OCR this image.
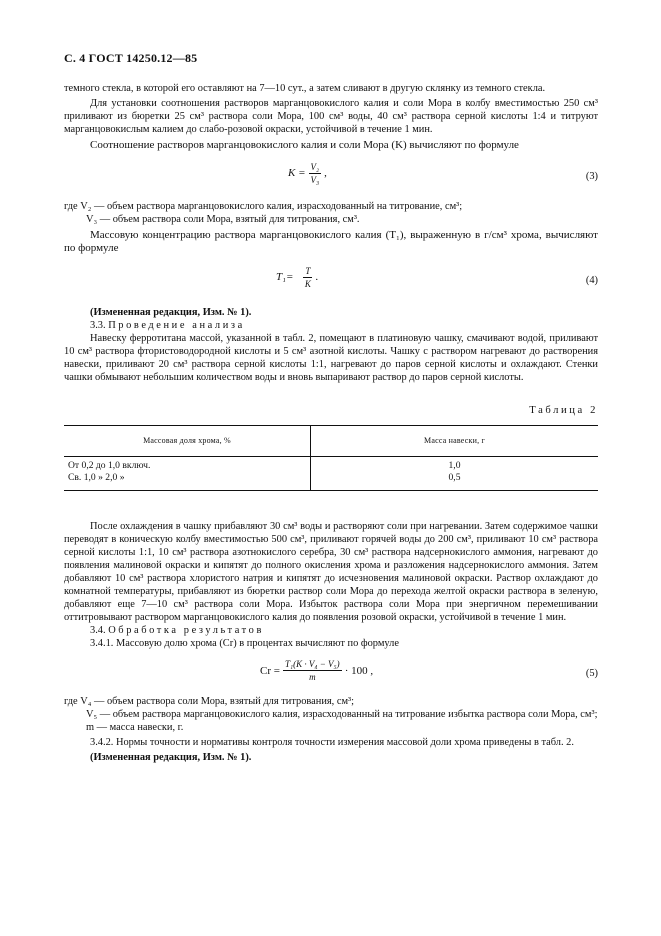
С. 4 ГОСТ 14250.12—85

темного стекла, в которой его оставляют на 7—10 сут., а затем сливают в другую склянку из темного стекла.

Для установки соотношения растворов марганцовокислого калия и соли Мора в колбу вместимостью 250 см³ приливают из бюретки 25 см³ раствора соли Мора, 100 см³ воды, 40 см³ раствора серной кислоты 1:4 и титруют марганцовокислым калием до слабо-розовой окраски, устойчивой в течение 1 мин.

Соотношение растворов марганцовокислого калия и соли Мора (K) вычисляют по формуле

$K = \frac{\text{V₂}}{\text{V₃}}$ ,	(3)

где V₂ — объем раствора марганцовокислого калия, израсходованный на титрование, см³;

V₃ — объем раствора соли Мора, взятый для титрования, см³.

Массовую концентрацию раствора марганцовокислого калия (T₁), выраженную в г/см³ хрома, вычисляют по формуле

$T_1= \frac{T}{K}$ .	(4)

(Измененная редакция, Изм. № 1).

3.3. Проведение анализа

Навеску ферротитана массой, указанной в табл. 2, помещают в платиновую чашку, смачивают водой, приливают 10 см³ раствора фтористоводородной кислоты и 5 см³ азотной кислоты. Чашку с раствором нагревают до растворения навески, приливают 20 см³ раствора серной кислоты 1:1, нагревают до паров серной кислоты и охлаждают. Стенки чашки обмывают небольшим количеством воды и вновь выпаривают раствор до паров серной кислоты.

Таблица 2
Массовая доля хрома, %	Масса навески, г
От 0,2 до 1,0 включ.	1,0
Св. 1,0 » 2,0 »	0,5

После охлаждения в чашку прибавляют 30 см³ воды и растворяют соли при нагревании. Затем содержимое чашки переводят в коническую колбу вместимостью 500 см³, приливают горячей воды до 200 см³, приливают 10 см³ раствора серной кислоты 1:1, 10 см³ раствора азотнокислого серебра, 30 см³ раствора надсернокислого аммония, нагревают до появления малиновой окраски и кипятят до полного окисления хрома и разложения надсернокислого аммония. Затем добавляют 10 см³ раствора хлористого натрия и кипятят до исчезновения малиновой окраски. Раствор охлаждают до комнатной температуры, прибавляют из бюретки раствор соли Мора до перехода желтой окраски раствора в зеленую, добавляют еще 7—10 см³ раствора соли Мора. Избыток раствора соли Мора при энергичном перемешивании оттитровывают раствором марганцовокислого калия до появления розовой окраски, устойчивой в течение 1 мин.

3.4. Обработка результатов

3.4.1. Массовую долю хрома (Cr) в процентах вычисляют по формуле

$Cr = \frac{\text{T₁(K · V₄ − V₅)}}{m} \cdot 100$ ,	(5)

где V₄ — объем раствора соли Мора, взятый для титрования, см³;

V₅ — объем раствора марганцовокислого калия, израсходованный на титрование избытка раствора соли Мора, см³;

m — масса навески, г.

3.4.2. Нормы точности и нормативы контроля точности измерения массовой доли хрома приведены в табл. 2.

(Измененная редакция, Изм. № 1).
